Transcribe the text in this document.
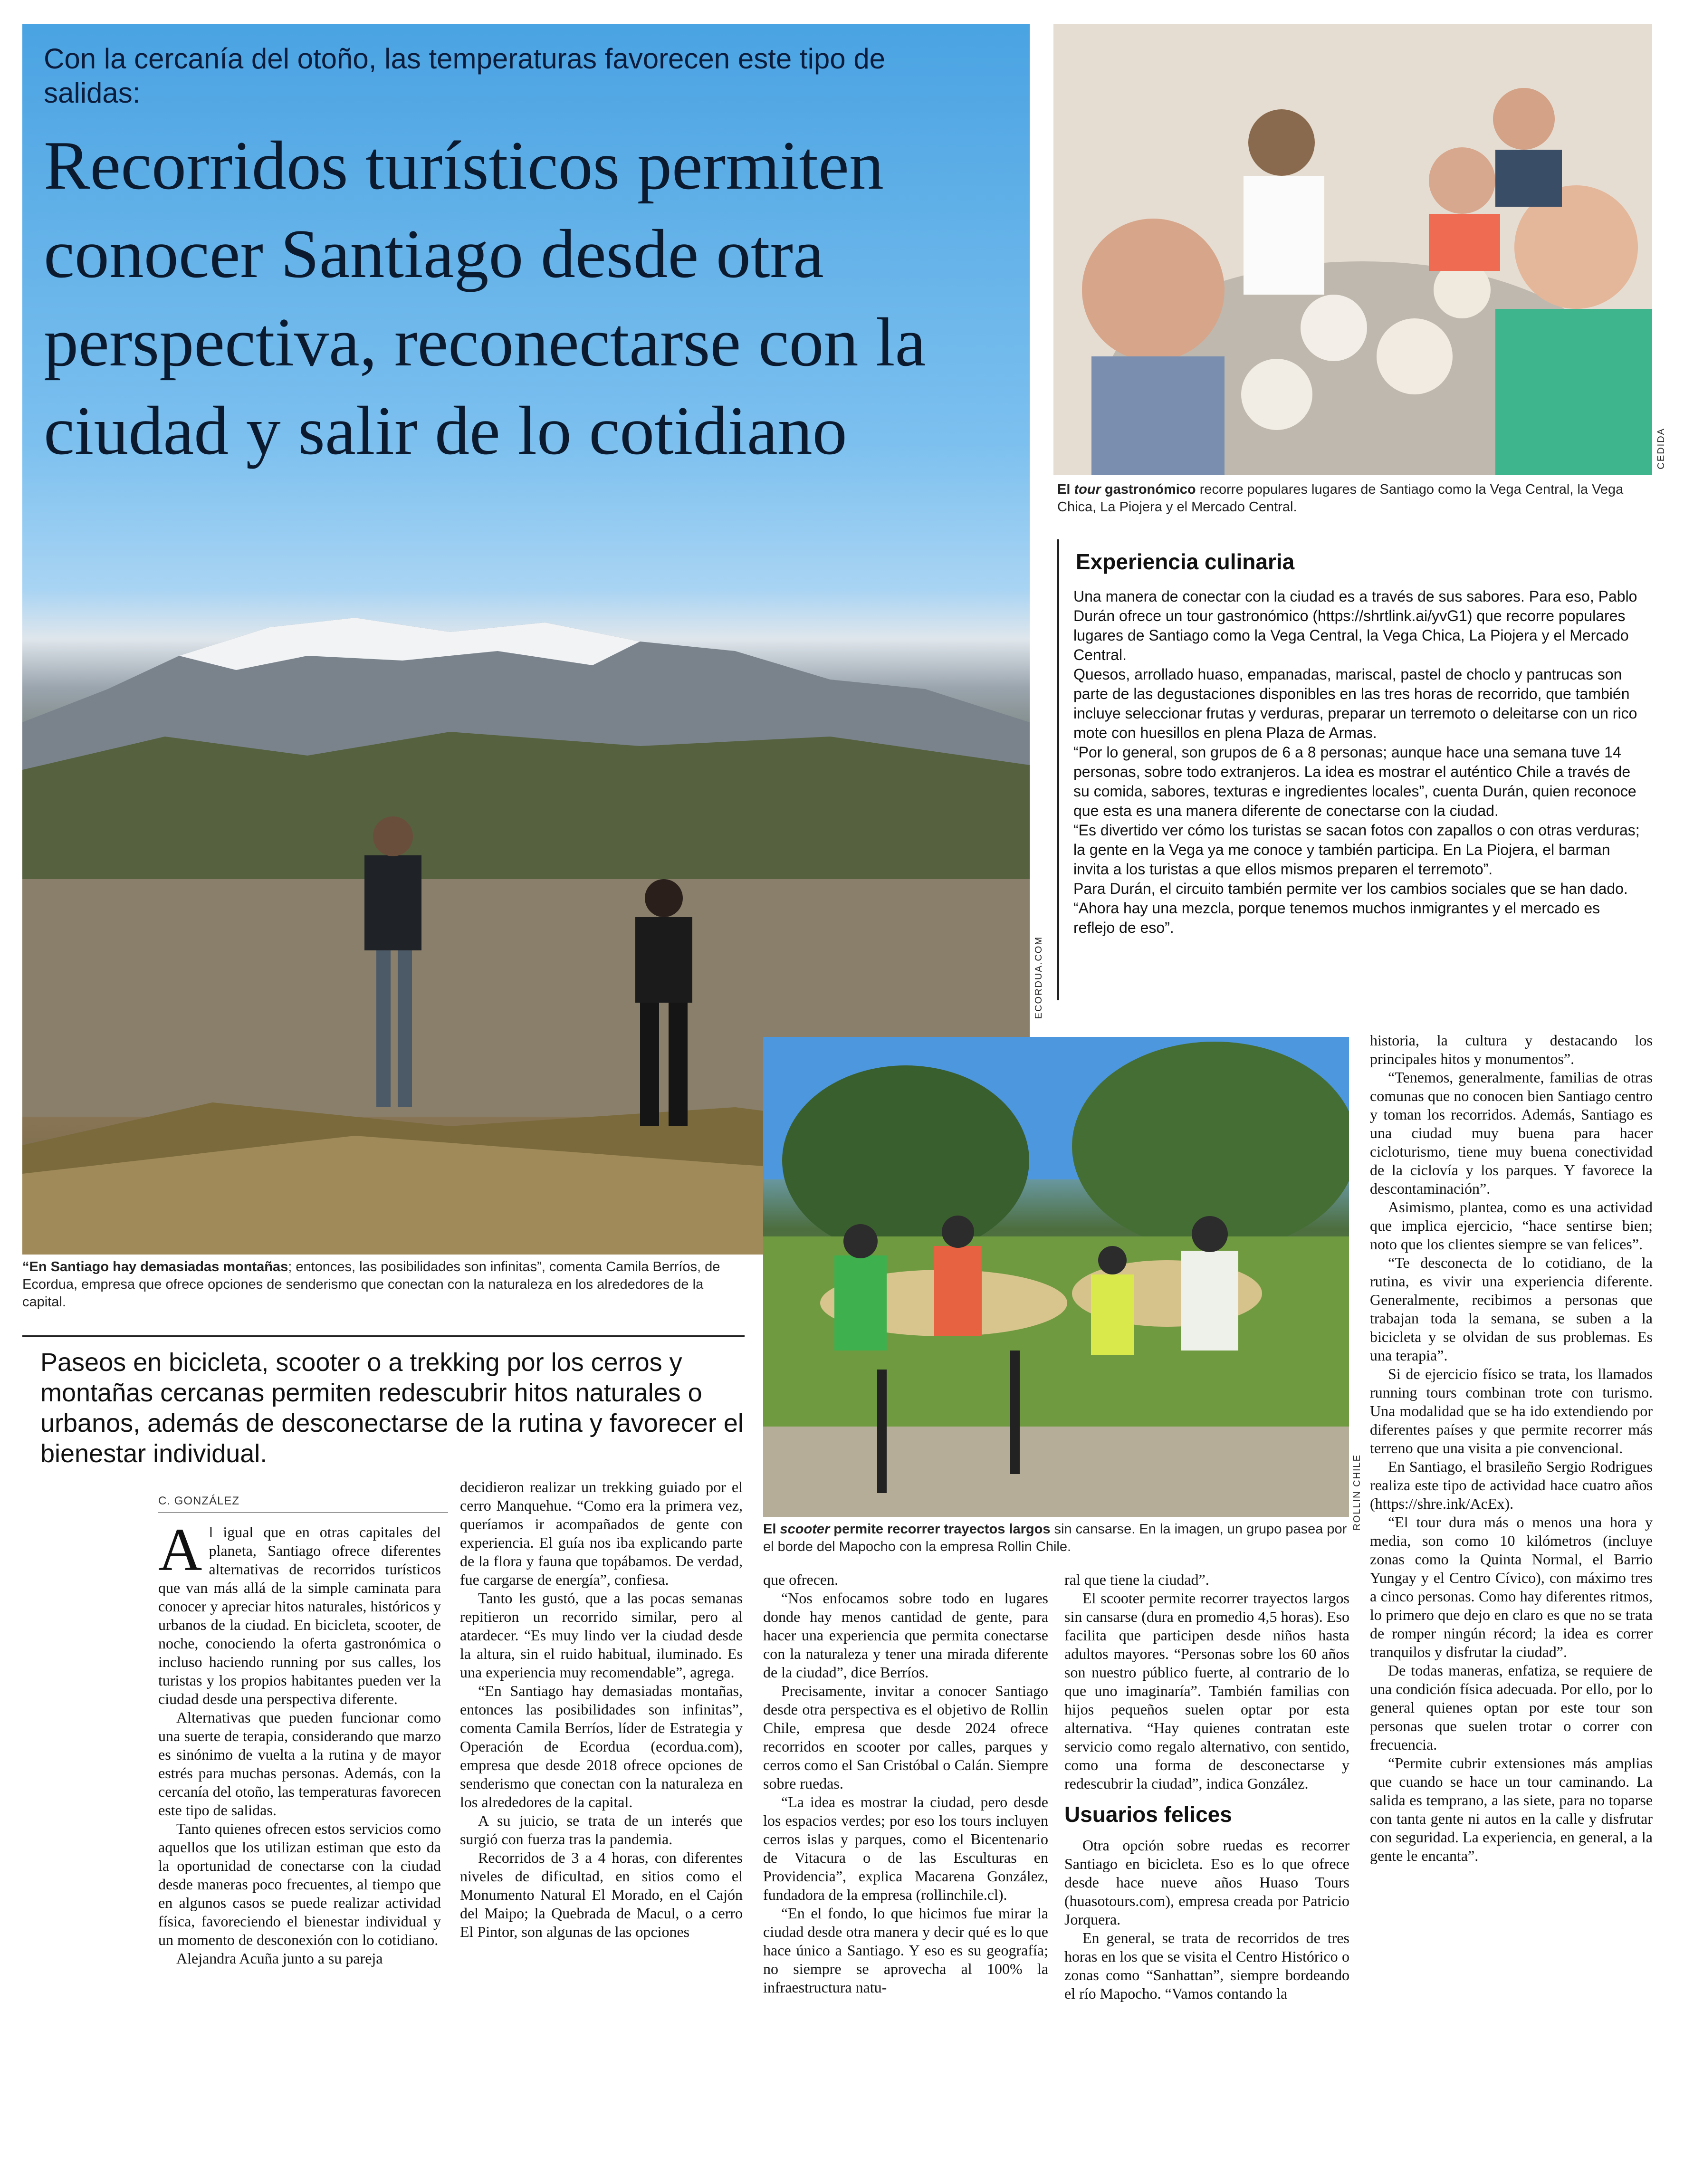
Con la cercanía del otoño, las temperaturas favorecen este tipo de salidas:
Recorridos turísticos permiten conocer Santiago desde otra perspectiva, reconectarse con la ciudad y salir de lo cotidiano
ECORDUA.COM
“En Santiago hay demasiadas montañas; entonces, las posibilidades son infinitas”, comenta Camila Berríos, de Ecordua, empresa que ofrece opciones de senderismo que conectan con la naturaleza en los alrededores de la capital.
CEDIDA
El tour gastronómico recorre populares lugares de Santiago como la Vega Central, la Vega Chica, La Piojera y el Mercado Central.
Experiencia culinaria

Una manera de conectar con la ciudad es a través de sus sabores. Para eso, Pablo Durán ofrece un tour gastronómico (https://shrtlink.ai/yvG1) que recorre populares lugares de Santiago como la Vega Central, la Vega Chica, La Piojera y el Mercado Central.

Quesos, arrollado huaso, empanadas, mariscal, pastel de choclo y pantrucas son parte de las degustaciones disponibles en las tres horas de recorrido, que también incluye seleccionar frutas y verduras, preparar un terremoto o deleitarse con un rico mote con huesillos en plena Plaza de Armas.

“Por lo general, son grupos de 6 a 8 personas; aunque hace una semana tuve 14 personas, sobre todo extranjeros. La idea es mostrar el auténtico Chile a través de su comida, sabores, texturas e ingredientes locales”, cuenta Durán, quien reconoce que esta es una manera diferente de conectarse con la ciudad.

“Es divertido ver cómo los turistas se sacan fotos con zapallos o con otras verduras; la gente en la Vega ya me conoce y también participa. En La Piojera, el barman invita a los turistas a que ellos mismos preparen el terremoto”.

Para Durán, el circuito también permite ver los cambios sociales que se han dado. “Ahora hay una mezcla, porque tenemos muchos inmigrantes y el mercado es reflejo de eso”.

ROLLIN CHILE
El scooter permite recorrer trayectos largos sin cansarse. En la imagen, un grupo pasea por el borde del Mapocho con la empresa Rollin Chile.
Paseos en bicicleta, scooter o a trekking por los cerros y montañas cercanas permiten redescubrir hitos naturales o urbanos, además de desconectarse de la rutina y favorecer el bienestar individual.
C. GONZÁLEZ

Al igual que en otras capitales del planeta, Santiago ofrece diferentes alternativas de recorridos turísticos que van más allá de la simple caminata para conocer y apreciar hitos naturales, históricos y urbanos de la ciudad. En bicicleta, scooter, de noche, conociendo la oferta gastronómica o incluso haciendo running por sus calles, los turistas y los propios habitantes pueden ver la ciudad desde una perspectiva diferente.

Alternativas que pueden funcionar como una suerte de terapia, considerando que marzo es sinónimo de vuelta a la rutina y de mayor estrés para muchas personas. Además, con la cercanía del otoño, las temperaturas favorecen este tipo de salidas.

Tanto quienes ofrecen estos servicios como aquellos que los utilizan estiman que esto da la oportunidad de conectarse con la ciudad desde maneras poco frecuentes, al tiempo que en algunos casos se puede realizar actividad física, favoreciendo el bienestar individual y un momento de desconexión con lo cotidiano.

Alejandra Acuña junto a su pareja

decidieron realizar un trekking guiado por el cerro Manquehue. “Como era la primera vez, queríamos ir acompañados de gente con experiencia. El guía nos iba explicando parte de la flora y fauna que topábamos. De verdad, fue cargarse de energía”, confiesa.

Tanto les gustó, que a las pocas semanas repitieron un recorrido similar, pero al atardecer. “Es muy lindo ver la ciudad desde la altura, sin el ruido habitual, iluminado. Es una experiencia muy recomendable”, agrega.

“En Santiago hay demasiadas montañas, entonces las posibilidades son infinitas”, comenta Camila Berríos, líder de Estrategia y Operación de Ecordua (ecordua.com), empresa que desde 2018 ofrece opciones de senderismo que conectan con la naturaleza en los alrededores de la capital.

A su juicio, se trata de un interés que surgió con fuerza tras la pandemia.

Recorridos de 3 a 4 horas, con diferentes niveles de dificultad, en sitios como el Monumento Natural El Morado, en el Cajón del Maipo; la Quebrada de Macul, o a cerro El Pintor, son algunas de las opciones

que ofrecen.

“Nos enfocamos sobre todo en lugares donde hay menos cantidad de gente, para hacer una experiencia que permita conectarse con la naturaleza y tener una mirada diferente de la ciudad”, dice Berríos.

Precisamente, invitar a conocer Santiago desde otra perspectiva es el objetivo de Rollin Chile, empresa que desde 2024 ofrece recorridos en scooter por calles, parques y cerros como el San Cristóbal o Calán. Siempre sobre ruedas.

“La idea es mostrar la ciudad, pero desde los espacios verdes; por eso los tours incluyen cerros islas y parques, como el Bicentenario de Vitacura o de las Esculturas en Providencia”, explica Macarena González, fundadora de la empresa (rollinchile.cl).

“En el fondo, lo que hicimos fue mirar la ciudad desde otra manera y decir qué es lo que hace único a Santiago. Y eso es su geografía; no siempre se aprovecha al 100% la infraestructura natu-

ral que tiene la ciudad”.

El scooter permite recorrer trayectos largos sin cansarse (dura en promedio 4,5 horas). Eso facilita que participen desde niños hasta adultos mayores. “Personas sobre los 60 años son nuestro público fuerte, al contrario de lo que uno imaginaría”. También familias con hijos pequeños suelen optar por esta alternativa. “Hay quienes contratan este servicio como regalo alternativo, con sentido, como una forma de desconectarse y redescubrir la ciudad”, indica González.

Usuarios felices

Otra opción sobre ruedas es recorrer Santiago en bicicleta. Eso es lo que ofrece desde hace nueve años Huaso Tours (huasotours.com), empresa creada por Patricio Jorquera.

En general, se trata de recorridos de tres horas en los que se visita el Centro Histórico o zonas como “Sanhattan”, siempre bordeando el río Mapocho. “Vamos contando la

historia, la cultura y destacando los principales hitos y monumentos”.

“Tenemos, generalmente, familias de otras comunas que no conocen bien Santiago centro y toman los recorridos. Además, Santiago es una ciudad muy buena para hacer cicloturismo, tiene muy buena conectividad de la ciclovía y los parques. Y favorece la descontaminación”.

Asimismo, plantea, como es una actividad que implica ejercicio, “hace sentirse bien; noto que los clientes siempre se van felices”.

“Te desconecta de lo cotidiano, de la rutina, es vivir una experiencia diferente. Generalmente, recibimos a personas que trabajan toda la semana, se suben a la bicicleta y se olvidan de sus problemas. Es una terapia”.

Si de ejercicio físico se trata, los llamados running tours combinan trote con turismo. Una modalidad que se ha ido extendiendo por diferentes países y que permite recorrer más terreno que una visita a pie convencional.

En Santiago, el brasileño Sergio Rodrigues realiza este tipo de actividad hace cuatro años (https://shre.ink/AcEx).

“El tour dura más o menos una hora y media, son como 10 kilómetros (incluye zonas como la Quinta Normal, el Barrio Yungay y el Centro Cívico), con máximo tres a cinco personas. Como hay diferentes ritmos, lo primero que dejo en claro es que no se trata de romper ningún récord; la idea es correr tranquilos y disfrutar la ciudad”.

De todas maneras, enfatiza, se requiere de una condición física adecuada. Por ello, por lo general quienes optan por este tour son personas que suelen trotar o correr con frecuencia.

“Permite cubrir extensiones más amplias que cuando se hace un tour caminando. La salida es temprano, a las siete, para no toparse con tanta gente ni autos en la calle y disfrutar con seguridad. La experiencia, en general, a la gente le encanta”.
